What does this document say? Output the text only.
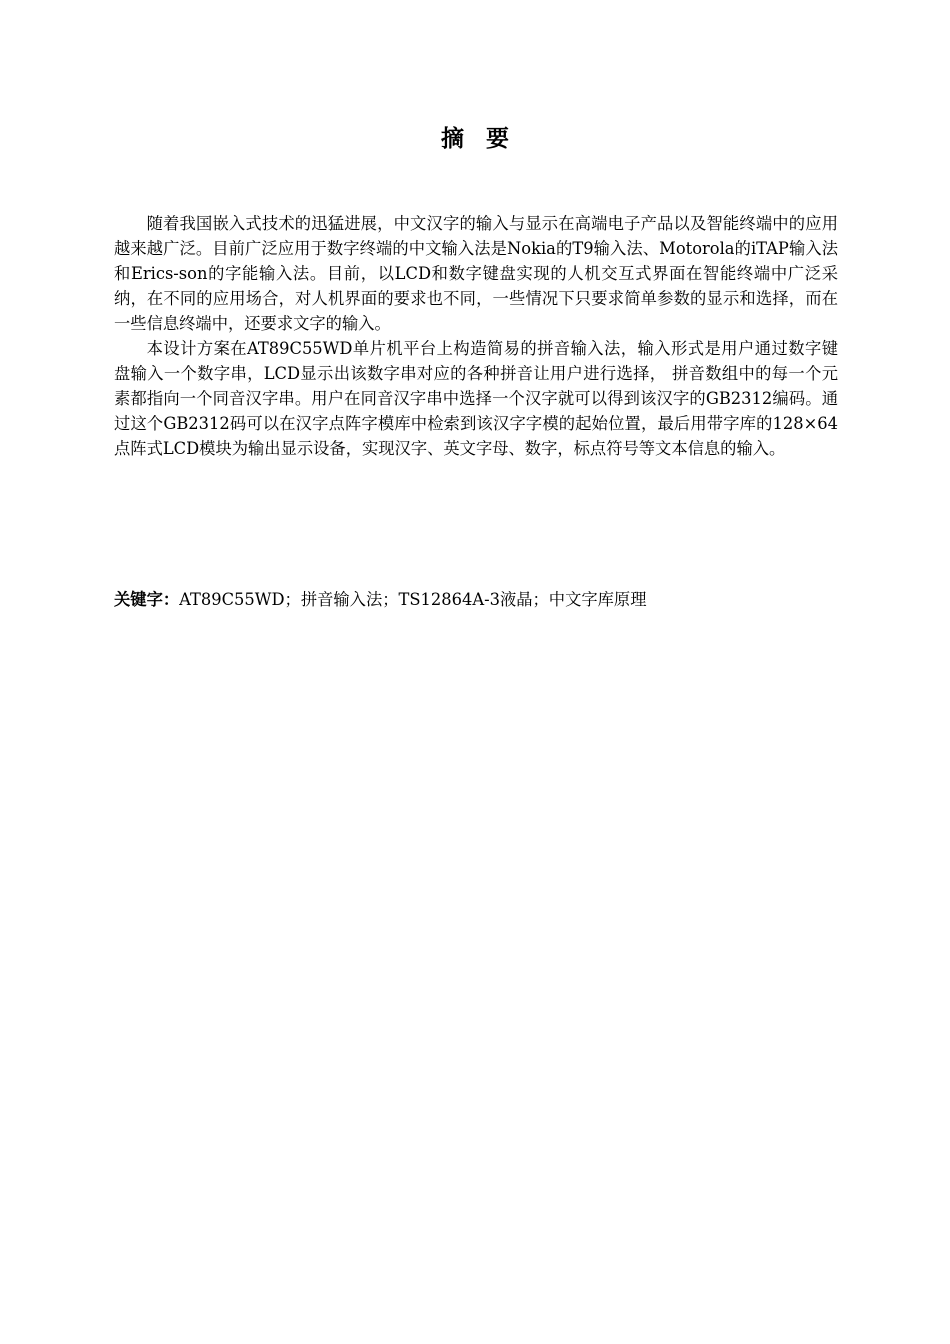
摘要

随着我国嵌入式技术的迅猛进展，中文汉字的输入与显示在高端电子产品以及智能终端中的应用越来越广泛。目前广泛应用于数字终端的中文输入法是Nokia的T9输入法、Motorola的iTAP输入法和Erics-son的字能输入法。目前，以LCD和数字键盘实现的人机交互式界面在智能终端中广泛采纳，在不同的应用场合，对人机界面的要求也不同，一些情况下只要求简单参数的显示和选择，而在一些信息终端中，还要求文字的输入。

本设计方案在AT89C55WD单片机平台上构造简易的拼音输入法，输入形式是用户通过数字键盘输入一个数字串，LCD显示出该数字串对应的各种拼音让用户进行选择， 拼音数组中的每一个元素都指向一个同音汉字串。用户在同音汉字串中选择一个汉字就可以得到该汉字的GB2312编码。通过这个GB2312码可以在汉字点阵字模库中检索到该汉字字模的起始位置，最后用带字库的128×64点阵式LCD模块为输出显示设备，实现汉字、英文字母、数字，标点符号等文本信息的输入。

关键字：AT89C55WD；拼音输入法；TS12864A-3液晶；中文字库原理
